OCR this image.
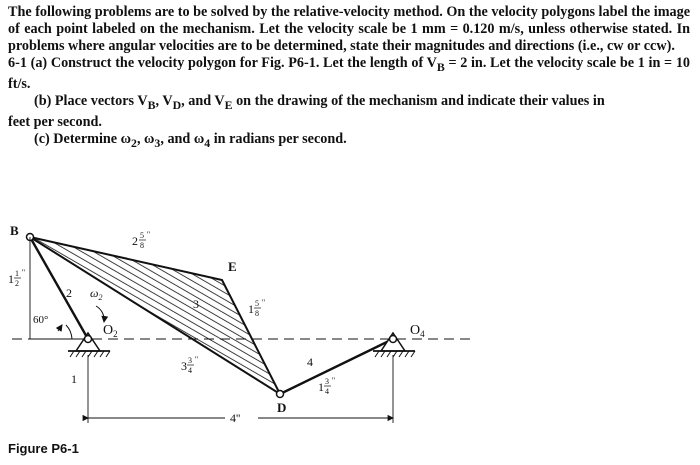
The following problems are to be solved by the relative-velocity method. On the velocity polygons label the image of each point labeled on the mechanism. Let the velocity scale be 1 mm = 0.120 m/s, unless otherwise stated. In problems where angular velocities are to be determined, state their magnitudes and directions (i.e., cw or ccw).

6-1 (a) Construct the velocity polygon for Fig. P6-1. Let the length of $V_B = 2$ in. Let the velocity scale be 1 in = 10 ft/s.

(b) Place vectors $V_B$, $V_D$, and $V_E$ on the drawing of the mechanism and indicate their values in

feet per second.

(c) Determine $\omega_2$, $\omega_3$, and $\omega_4$ in radians per second.

B
E
D
$O_2$	$O_4$
$\omega_2$
2
3
4
1
60°
2 5
8
''
1 1
2
''
1 5
8
''
3 3
4
''
1 3
4
''
4''
Figure P6-1
